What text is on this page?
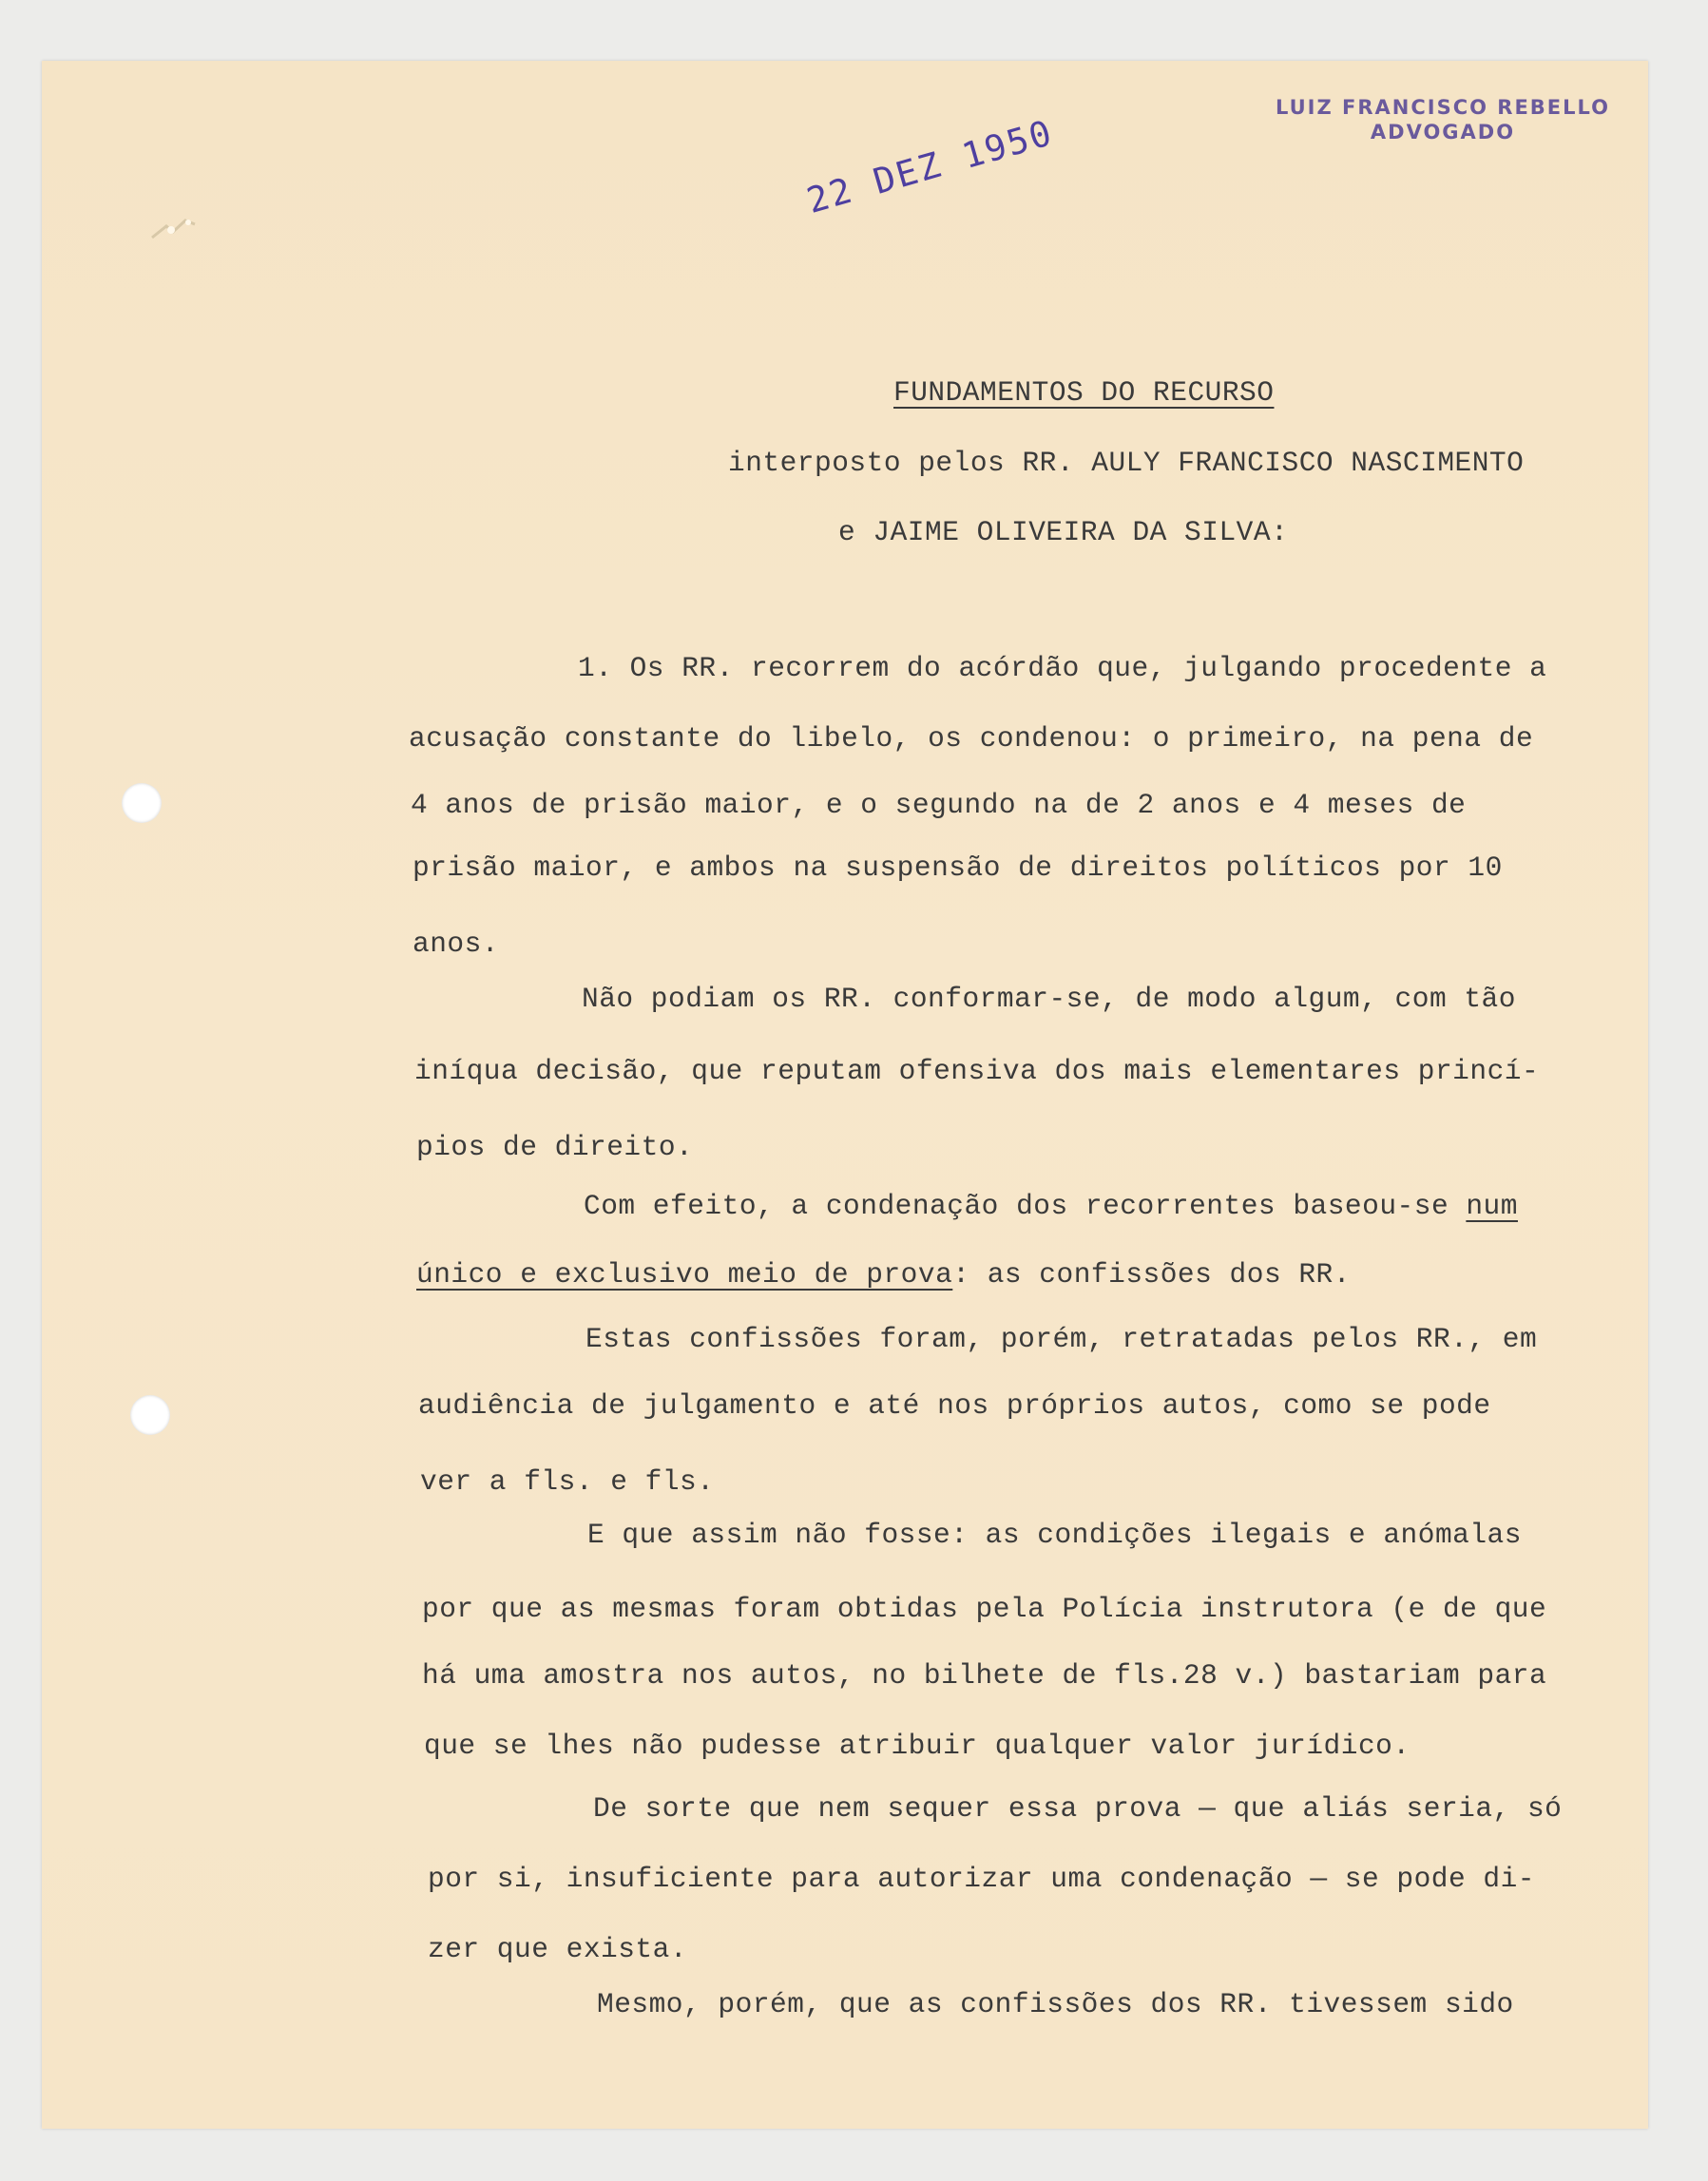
LUIZ FRANCISCO REBELLO
ADVOGADO
22 DEZ 1950
FUNDAMENTOS DO RECURSO
interposto pelos RR. AULY FRANCISCO NASCIMENTO
e JAIME OLIVEIRA DA SILVA:
1. Os RR. recorrem do acórdão que, julgando procedente a
acusação constante do libelo, os condenou: o primeiro, na pena de
4 anos de prisão maior, e o segundo na de 2 anos e 4 meses de
prisão maior, e ambos na suspensão de direitos políticos por 10
anos.
Não podiam os RR. conformar-se, de modo algum, com tão
iníqua decisão, que reputam ofensiva dos mais elementares princí-
pios de direito.
Com efeito, a condenação dos recorrentes baseou-se num
único e exclusivo meio de prova: as confissões dos RR.
Estas confissões foram, porém, retratadas pelos RR., em
audiência de julgamento e até nos próprios autos, como se pode
ver a fls. e fls.
E que assim não fosse: as condições ilegais e anómalas
por que as mesmas foram obtidas pela Polícia instrutora (e de que
há uma amostra nos autos, no bilhete de fls.28 v.) bastariam para
que se lhes não pudesse atribuir qualquer valor jurídico.
De sorte que nem sequer essa prova — que aliás seria, só
por si, insuficiente para autorizar uma condenação — se pode di-
zer que exista.
Mesmo, porém, que as confissões dos RR. tivessem sido
